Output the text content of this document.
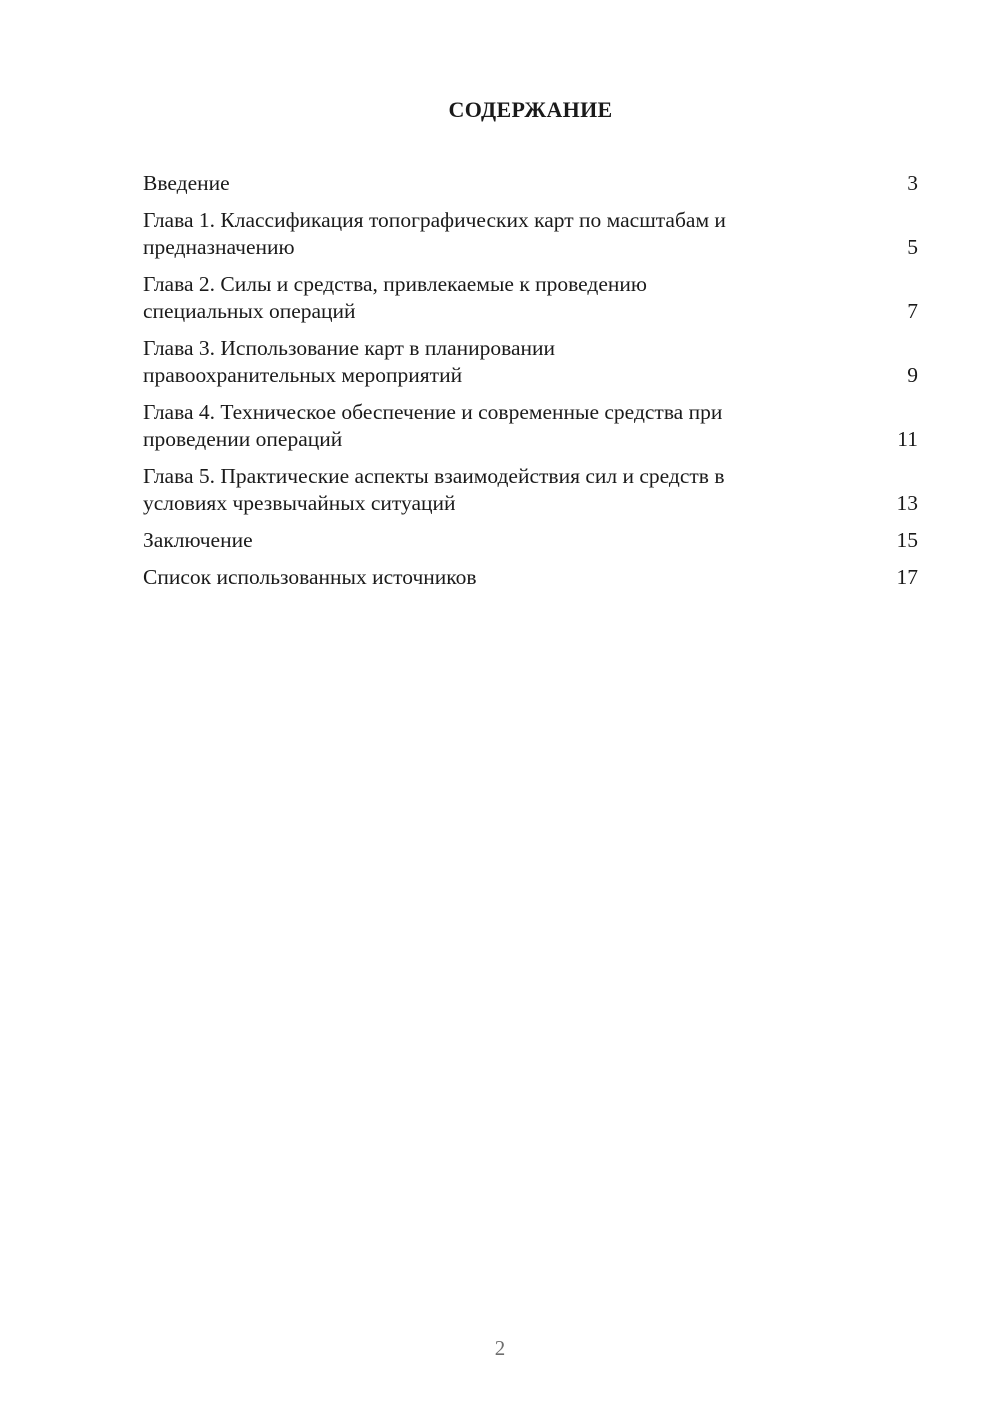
СОДЕРЖАНИЕ
Введение	3
Глава 1. Классификация топографических карт по масштабам и
предназначению	5
Глава 2. Силы и средства, привлекаемые к проведению
специальных операций	7
Глава 3. Использование карт в планировании
правоохранительных мероприятий	9
Глава 4. Техническое обеспечение и современные средства при
проведении операций	11
Глава 5. Практические аспекты взаимодействия сил и средств в
условиях чрезвычайных ситуаций	13
Заключение	15
Список использованных источников	17
2
